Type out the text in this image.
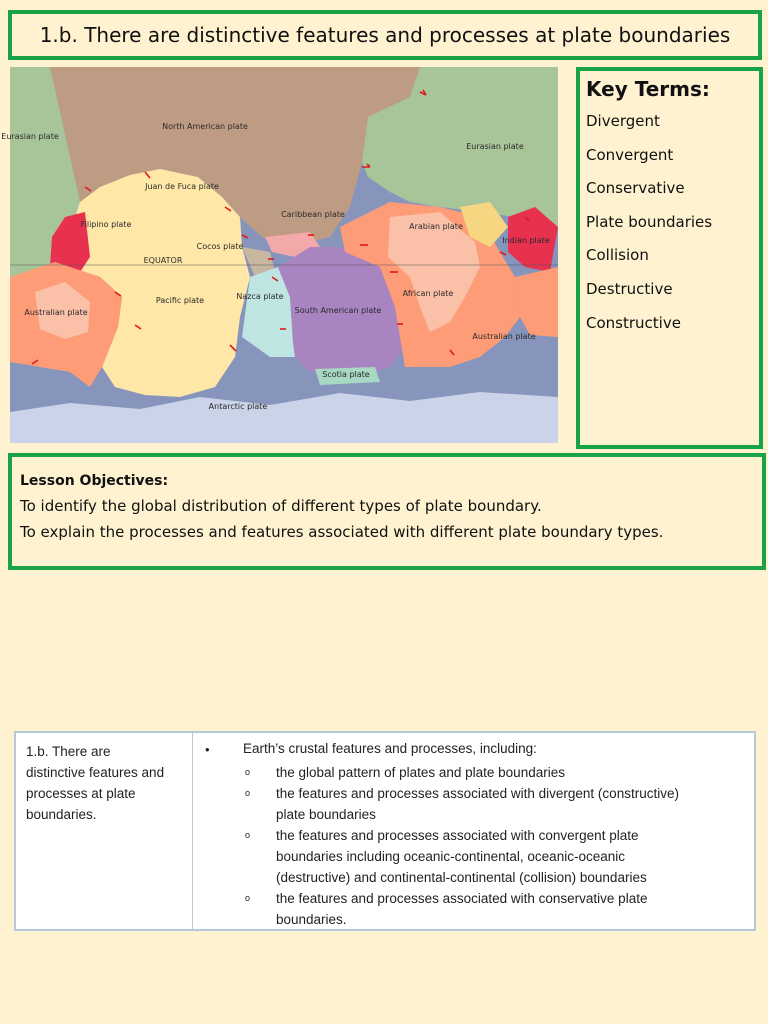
1.b. There are distinctive features and processes at plate boundaries
Eurasian plate
North American plate
Eurasian plate
Juan de Fuca plate
Filipino plate
Caribbean plate
Arabian plate
Indian plate
Cocos plate
EQUATOR
Pacific plate	Nazca plate
South American plate
African plate
Australian plate
Australian plate
Scotia plate
Antarctic plate
Key Terms:
Divergent
Convergent
Conservative
Plate boundaries
Collision
Destructive
Constructive
Lesson Objectives:
To identify the global distribution of different types of plate boundary.
To explain the processes and features associated with different plate boundary types.
1.b. There are
distinctive features and
processes at plate
boundaries.
• Earth’s crustal features and processes, including:
o the global pattern of plates and plate boundaries
o the features and processes associated with divergent (constructive)
plate boundaries
o the features and processes associated with convergent plate
boundaries including oceanic-continental, oceanic-oceanic
(destructive) and continental-continental (collision) boundaries
o the features and processes associated with conservative plate
boundaries.
